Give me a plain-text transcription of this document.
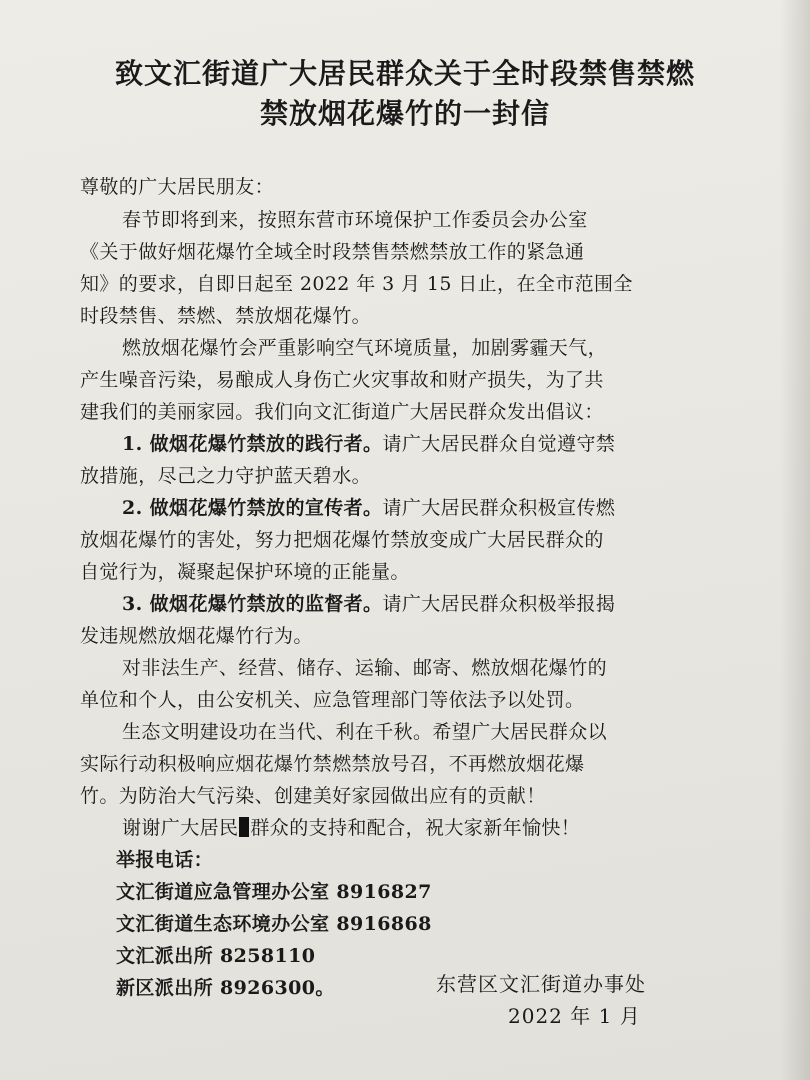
致文汇街道广大居民群众关于全时段禁售禁燃
禁放烟花爆竹的一封信
尊敬的广大居民朋友：
春节即将到来，按照东营市环境保护工作委员会办公室
《关于做好烟花爆竹全域全时段禁售禁燃禁放工作的紧急通
知》的要求，自即日起至 2022 年 3 月 15 日止，在全市范围全
时段禁售、禁燃、禁放烟花爆竹。
燃放烟花爆竹会严重影响空气环境质量，加剧雾霾天气，
产生噪音污染，易酿成人身伤亡火灾事故和财产损失，为了共
建我们的美丽家园。我们向文汇街道广大居民群众发出倡议：
1. 做烟花爆竹禁放的践行者。请广大居民群众自觉遵守禁
放措施，尽己之力守护蓝天碧水。
2. 做烟花爆竹禁放的宣传者。请广大居民群众积极宣传燃
放烟花爆竹的害处，努力把烟花爆竹禁放变成广大居民群众的
自觉行为，凝聚起保护环境的正能量。
3. 做烟花爆竹禁放的监督者。请广大居民群众积极举报揭
发违规燃放烟花爆竹行为。
对非法生产、经营、储存、运输、邮寄、燃放烟花爆竹的
单位和个人，由公安机关、应急管理部门等依法予以处罚。
生态文明建设功在当代、利在千秋。希望广大居民群众以
实际行动积极响应烟花爆竹禁燃禁放号召，不再燃放烟花爆
竹。为防治大气污染、创建美好家园做出应有的贡献！
谢谢广大居民 群众的支持和配合，祝大家新年愉快！
举报电话：
文汇街道应急管理办公室 8916827
文汇街道生态环境办公室 8916868
文汇派出所 8258110
新区派出所 8926300。	东营区文汇街道办事处
2022 年 1 月
